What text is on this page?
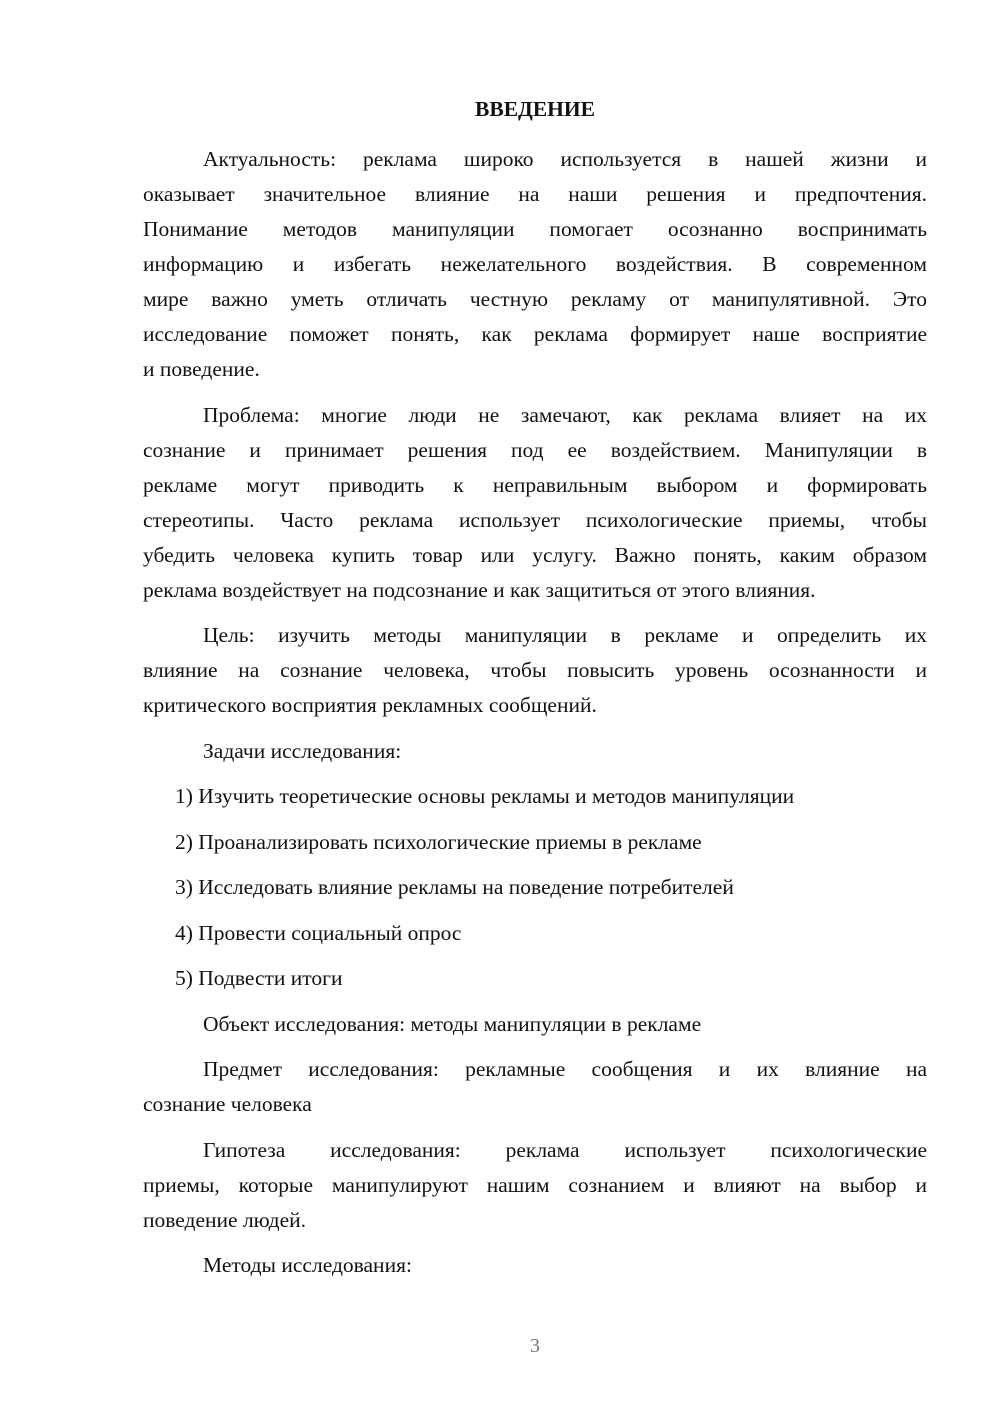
ВВЕДЕНИЕ
Актуальность: реклама широко используется в нашей жизни и
оказывает значительное влияние на наши решения и предпочтения.
Понимание методов манипуляции помогает осознанно воспринимать
информацию и избегать нежелательного воздействия. В современном
мире важно уметь отличать честную рекламу от манипулятивной. Это
исследование поможет понять, как реклама формирует наше восприятие
и поведение.
Проблема: многие люди не замечают, как реклама влияет на их
сознание и принимает решения под ее воздействием. Манипуляции в
рекламе могут приводить к неправильным выбором и формировать
стереотипы. Часто реклама использует психологические приемы, чтобы
убедить человека купить товар или услугу. Важно понять, каким образом
реклама воздействует на подсознание и как защититься от этого влияния.
Цель: изучить методы манипуляции в рекламе и определить их
влияние на сознание человека, чтобы повысить уровень осознанности и
критического восприятия рекламных сообщений.
Задачи исследования:
1) Изучить теоретические основы рекламы и методов манипуляции
2) Проанализировать психологические приемы в рекламе
3) Исследовать влияние рекламы на поведение потребителей
4) Провести социальный опрос
5) Подвести итоги
Объект исследования: методы манипуляции в рекламе
Предмет исследования: рекламные сообщения и их влияние на
сознание человека
Гипотеза исследования: реклама использует психологические
приемы, которые манипулируют нашим сознанием и влияют на выбор и
поведение людей.
Методы исследования:
3
